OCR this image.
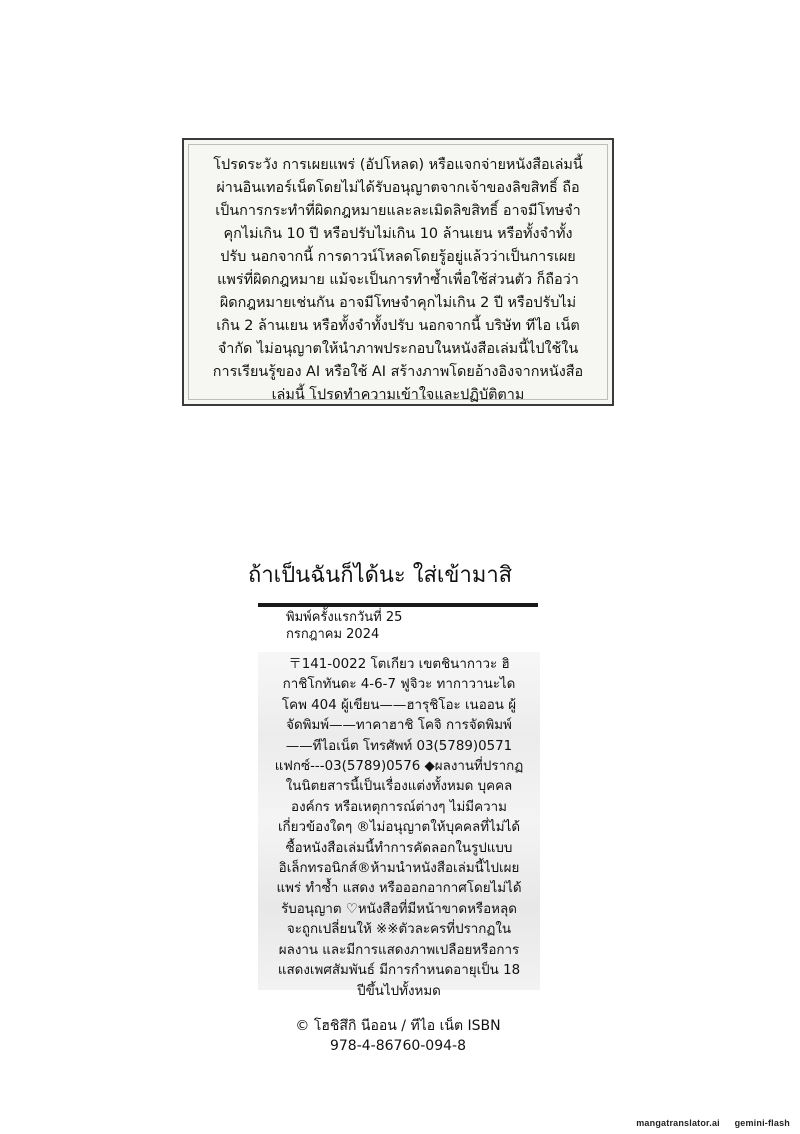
โปรดระวัง การเผยแพร่ (อัปโหลด) หรือแจกจ่ายหนังสือเล่มนี้
ผ่านอินเทอร์เน็ตโดยไม่ได้รับอนุญาตจากเจ้าของลิขสิทธิ์ ถือ
เป็นการกระทำที่ผิดกฎหมายและละเมิดลิขสิทธิ์ อาจมีโทษจำ
คุกไม่เกิน 10 ปี หรือปรับไม่เกิน 10 ล้านเยน หรือทั้งจำทั้ง
ปรับ นอกจากนี้ การดาวน์โหลดโดยรู้อยู่แล้วว่าเป็นการเผย
แพร่ที่ผิดกฎหมาย แม้จะเป็นการทำซ้ำเพื่อใช้ส่วนตัว ก็ถือว่า
ผิดกฎหมายเช่นกัน อาจมีโทษจำคุกไม่เกิน 2 ปี หรือปรับไม่
เกิน 2 ล้านเยน หรือทั้งจำทั้งปรับ นอกจากนี้ บริษัท ทีไอ เน็ต
จำกัด ไม่อนุญาตให้นำภาพประกอบในหนังสือเล่มนี้ไปใช้ใน
การเรียนรู้ของ AI หรือใช้ AI สร้างภาพโดยอ้างอิงจากหนังสือ
เล่มนี้ โปรดทำความเข้าใจและปฏิบัติตาม
ถ้าเป็นฉันก็ได้นะ ใส่เข้ามาสิ
พิมพ์ครั้งแรกวันที่ 25
กรกฎาคม 2024
〒141-0022 โตเกียว เขตชินากาวะ ฮิ
กาชิโกทันดะ 4-6-7 ฟูจิวะ ทากาวานะได
โคพ 404 ผู้เขียน——ฮารุชิโอะ เนออน ผู้
จัดพิมพ์——ทาคาฮาชิ โคจิ การจัดพิมพ์
——ทีไอเน็ต โทรศัพท์ 03(5789)0571
แฟกซ์---03(5789)0576 ◆ผลงานที่ปรากฏ
ในนิตยสารนี้เป็นเรื่องแต่งทั้งหมด บุคคล
องค์กร หรือเหตุการณ์ต่างๆ ไม่มีความ
เกี่ยวข้องใดๆ ®ไม่อนุญาตให้บุคคลที่ไม่ได้
ซื้อหนังสือเล่มนี้ทำการคัดลอกในรูปแบบ
อิเล็กทรอนิกส์®ห้ามนำหนังสือเล่มนี้ไปเผย
แพร่ ทำซ้ำ แสดง หรือออกอากาศโดยไม่ได้
รับอนุญาต ♡หนังสือที่มีหน้าขาดหรือหลุด
จะถูกเปลี่ยนให้ ※※ตัวละครที่ปรากฏใน
ผลงาน และมีการแสดงภาพเปลือยหรือการ
แสดงเพศสัมพันธ์ มีการกำหนดอายุเป็น 18
ปีขึ้นไปทั้งหมด
© โฮชิสึกิ นีออน / ทีไอ เน็ต ISBN
978-4-86760-094-8
mangatranslator.ai gemini-flash
